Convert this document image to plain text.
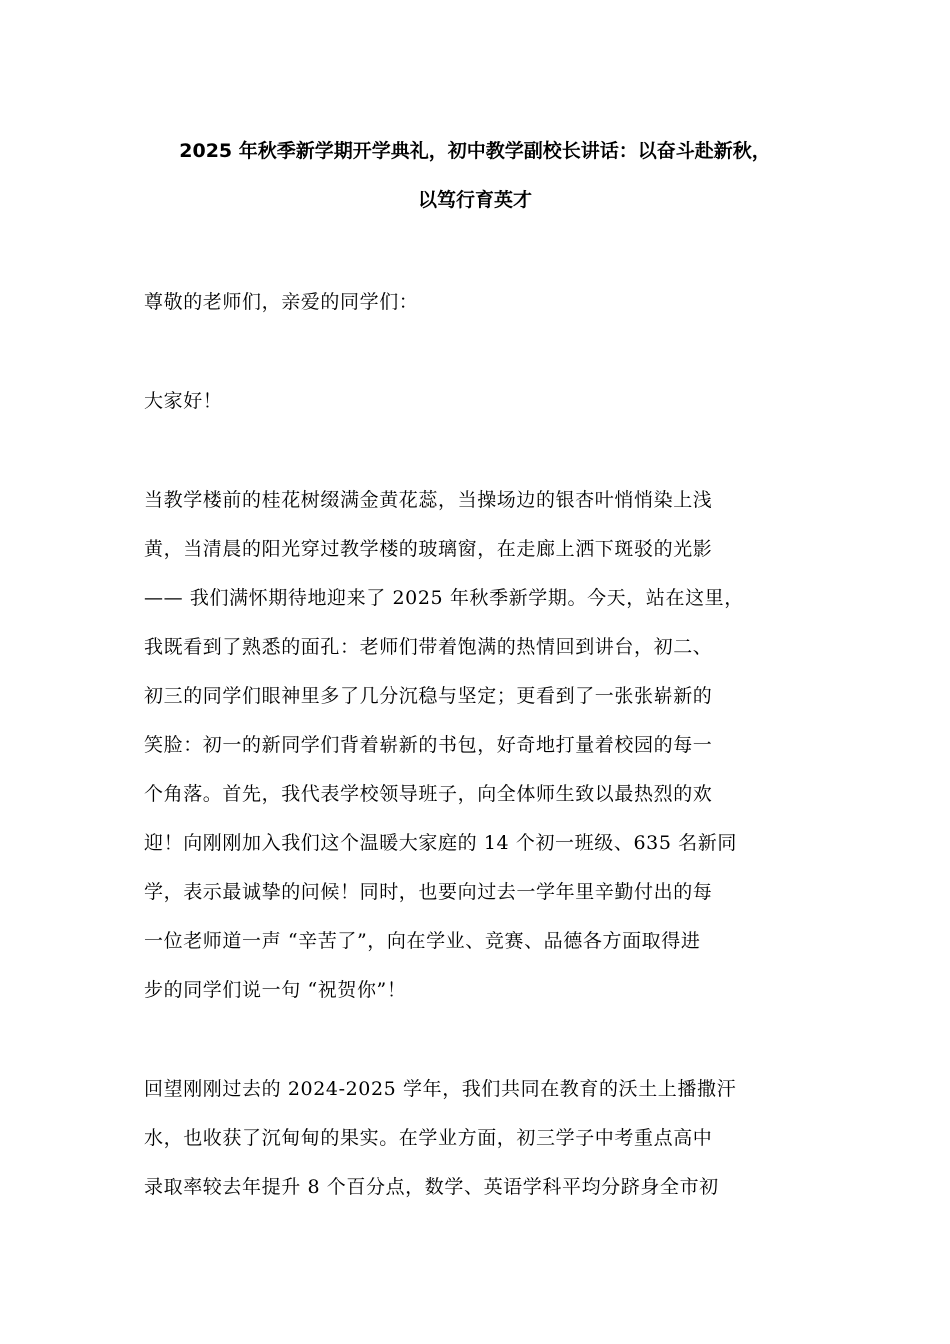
2025 年秋季新学期开学典礼，初中教学副校长讲话：以奋斗赴新秋，
以笃行育英才
尊敬的老师们，亲爱的同学们：
大家好！
当教学楼前的桂花树缀满金黄花蕊，当操场边的银杏叶悄悄染上浅
黄，当清晨的阳光穿过教学楼的玻璃窗，在走廊上洒下斑驳的光影
—— 我们满怀期待地迎来了 2025 年秋季新学期。今天，站在这里，
我既看到了熟悉的面孔：老师们带着饱满的热情回到讲台，初二、
初三的同学们眼神里多了几分沉稳与坚定；更看到了一张张崭新的
笑脸：初一的新同学们背着崭新的书包，好奇地打量着校园的每一
个角落。首先，我代表学校领导班子，向全体师生致以最热烈的欢
迎！向刚刚加入我们这个温暖大家庭的 14 个初一班级、635 名新同
学，表示最诚挚的问候！同时，也要向过去一学年里辛勤付出的每
一位老师道一声 “辛苦了”，向在学业、竞赛、品德各方面取得进
步的同学们说一句 “祝贺你”！
回望刚刚过去的 2024-2025 学年，我们共同在教育的沃土上播撒汗
水，也收获了沉甸甸的果实。在学业方面，初三学子中考重点高中
录取率较去年提升 8 个百分点，数学、英语学科平均分跻身全市初
